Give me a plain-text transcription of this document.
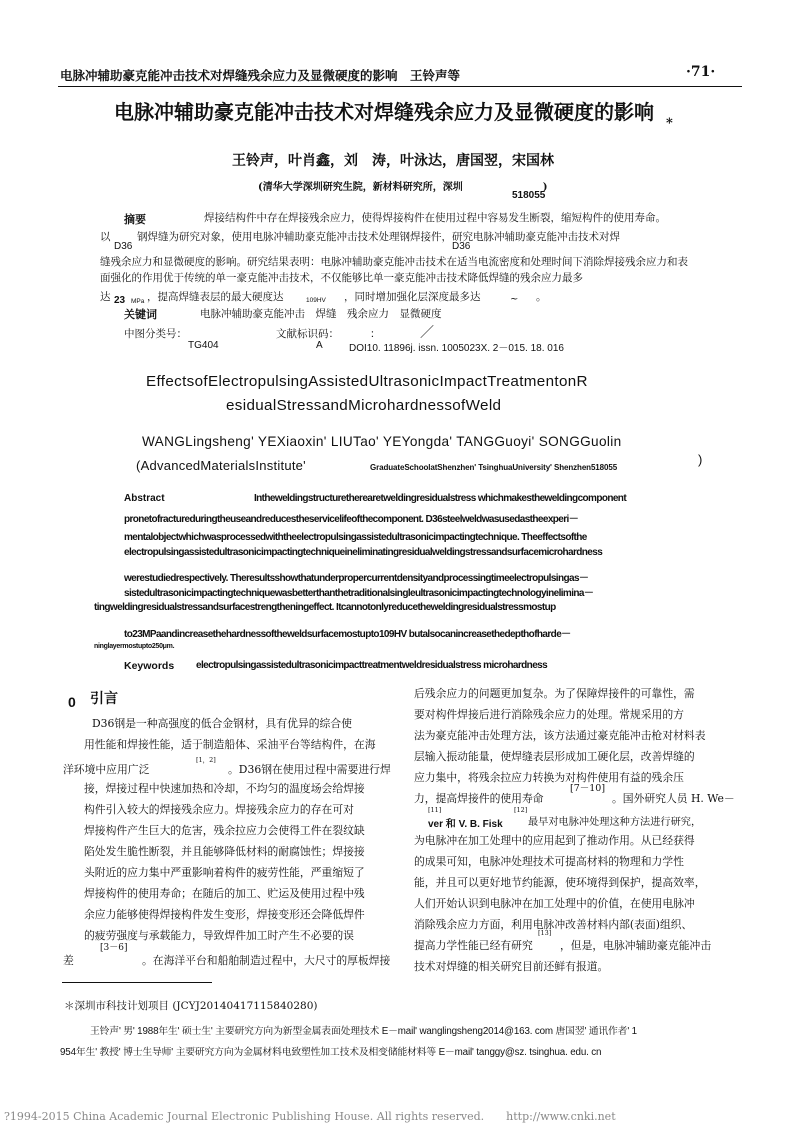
电脉冲辅助豪克能冲击技术对焊缝残余应力及显微硬度的影响　王铃声等	·71·
电脉冲辅助豪克能冲击技术对焊缝残余应力及显微硬度的影响 *
王铃声，叶肖鑫，刘　涛，叶泳达，唐国翌，宋国林
(清华大学深圳研究生院，新材料研究所，深圳　　　　　　　　)
518055
摘要	焊接结构件中存在焊接残余应力，使得焊接构件在使用过程中容易发生断裂，缩短构件的使用寿命。
以	钢焊缝为研究对象，使用电脉冲辅助豪克能冲击技术处理钢焊接件，研究电脉冲辅助豪克能冲击技术对焊
D36	D36
缝残余应力和显微硬度的影响。研究结果表明：电脉冲辅助豪克能冲击技术在适当电流密度和处理时间下消除焊接残余应力和表
面强化的作用优于传统的单一豪克能冲击技术，不仅能够比单一豪克能冲击技术降低焊缝的残余应力最多
达 23 MPa ，提高焊缝表层的最大硬度达	109HV ，同时增加强化层深度最多达	~ 。
关键词	电脉冲辅助豪克能冲击　焊缝　残余应力　显微硬度
中图分类号：	文献标识码：	：	／
TG404	A	DOI10. 11896j. issn. 1005023X. 2－015. 18. 016
EffectsofElectropulsingAssistedUltrasonicImpactTreatmentonR
esidualStressandMicrohardnessofWeld
WANGLingsheng' YEXiaoxin' LIUTao' YEYongda' TANGGuoyi' SONGGuolin
(AdvancedMaterialsInstitute'	GraduateSchoolatShenzhen' TsinghuaUniversity' Shenzhen518055
)
Abstract	Intheweldingstructuretherearetweldingresidualstress whichmakestheweldingcomponent
pronetofractureduringtheuseandreducestheservicelifeofthecomponent. D36steelweldwasusedastheexperi－
mentalobjectwhichwasprocessedwiththeelectropulsingassistedultrasonicimpactingtechnique. Theeffectsofthe
electropulsingassistedultrasonicimpactingtechniqueineliminatingresidualweldingstressandsurfacemicrohardness
werestudiedrespectively. Theresultsshowthatunderpropercurrentdensityandprocessingtimeelectropulsingas－
sistedultrasonicimpactingtechniquewasbetterthanthetraditionalsingleultrasonicimpactingtechnologyinelimina－
tingweldingresidualstressandsurfacestrengtheningeffect. Itcannotonlyreducetheweldingresidualstressmostup
to23MPaandincreasethehardnessoftheweldsurfacemostupto109HV butalsocanincreasethedepthofharde－
ninglayermostupto250μm.
Keywords electropulsingassistedultrasonicimpacttreatmentweldresidualstress microhardness
0 引言
D36钢是一种高强度的低合金钢材，具有优异的综合使
用性能和焊接性能，适于制造船体、采油平台等结构件，在海
洋环境中应用广泛
[1，2]
。D36钢在使用过程中需要进行焊
接，焊接过程中快速加热和冷却，不均匀的温度场会给焊接
构件引入较大的焊接残余应力。焊接残余应力的存在可对
焊接构件产生巨大的危害，残余拉应力会使得工件在裂纹缺
陷处发生脆性断裂，并且能够降低材料的耐腐蚀性；焊接接
头附近的应力集中严重影响着构件的疲劳性能，严重缩短了
焊接构件的使用寿命；在随后的加工、贮运及使用过程中残
余应力能够使得焊接构件发生变形，焊接变形还会降低焊件
的疲劳强度与承载能力，导致焊件加工时产生不必要的误
差
[3－6]
。在海洋平台和船舶制造过程中，大尺寸的厚板焊接
后残余应力的问题更加复杂。为了保障焊接件的可靠性，需
要对构件焊接后进行消除残余应力的处理。常规采用的方
法为豪克能冲击处理方法，该方法通过豪克能冲击枪对材料表
层输入振动能量，使焊缝表层形成加工硬化层，改善焊缝的
应力集中，将残余拉应力转换为对构件使用有益的残余压
力，提高焊接件的使用寿命
[7－10]
。国外研究人员 H. We－
[11]
ver 和 V. B. Fisk
[12]
最早对电脉冲处理这种方法进行研究，
为电脉冲在加工处理中的应用起到了推动作用。从已经获得
的成果可知，电脉冲处理技术可提高材料的物理和力学性
能，并且可以更好地节约能源，使环境得到保护，提高效率，
人们开始认识到电脉冲在加工处理中的价值，在使用电脉冲
消除残余应力方面，利用电脉冲改善材料内部(表面)组织、
提高力学性能已经有研究
[13]
，但是，电脉冲辅助豪克能冲击
技术对焊缝的相关研究目前还鲜有报道。
＊深圳市科技计划项目 (JCYJ20140417115840280)
王铃声' 男' 1988年生' 硕士生' 主要研究方向为新型金属表面处理技术 E－mail' wanglingsheng2014@163. com 唐国翌' 通讯作者' 1
954年生' 教授' 博士生导师' 主要研究方向为金属材料电致塑性加工技术及相变储能材料等 E－mail' tanggy@sz. tsinghua. edu. cn
?1994-2015 China Academic Journal Electronic Publishing House. All rights reserved.　　http://www.cnki.net
